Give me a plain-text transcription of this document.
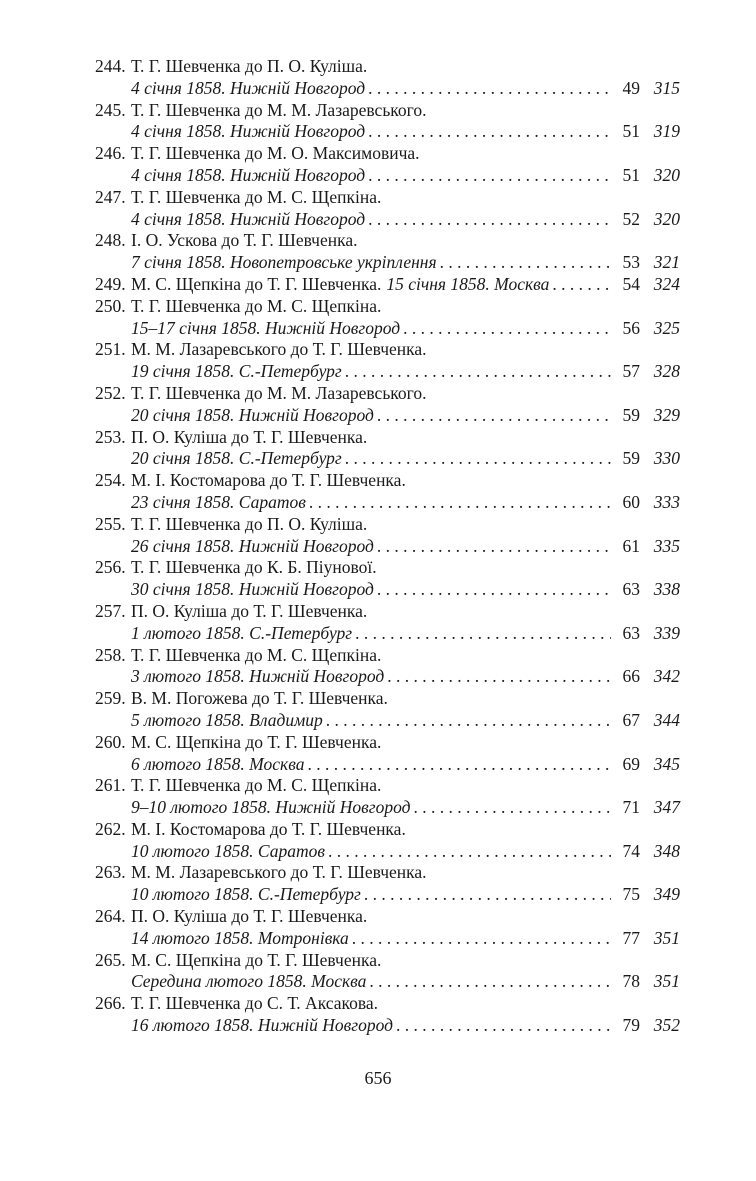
244. Т. Г. Шевченка до П. О. Куліша.
4 січня 1858. Нижній Новгород . . .	49 315
245. Т. Г. Шевченка до М. М. Лазаревського.
4 січня 1858. Нижній Новгород . . .	51 319
246. Т. Г. Шевченка до М. О. Максимовича.
4 січня 1858. Нижній Новгород . . .	51 320
247. Т. Г. Шевченка до М. С. Щепкіна.
4 січня 1858. Нижній Новгород . . .	52 320
248. І. О. Ускова до Т. Г. Шевченка.
7 січня 1858. Новопетровське укріплення . . .	53 321
249. М. С. Щепкіна до Т. Г. Шевченка. 15 січня 1858. Москва . . .	54 324
250. Т. Г. Шевченка до М. С. Щепкіна.
15–17 січня 1858. Нижній Новгород . . .	56 325
251. М. М. Лазаревського до Т. Г. Шевченка.
19 січня 1858. С.-Петербург . . .	57 328
252. Т. Г. Шевченка до М. М. Лазаревського.
20 січня 1858. Нижній Новгород . . .	59 329
253. П. О. Куліша до Т. Г. Шевченка.
20 січня 1858. С.-Петербург . . .	59 330
254. М. І. Костомарова до Т. Г. Шевченка.
23 січня 1858. Саратов . . .	60 333
255. Т. Г. Шевченка до П. О. Куліша.
26 січня 1858. Нижній Новгород . . .	61 335
256. Т. Г. Шевченка до К. Б. Піунової.
30 січня 1858. Нижній Новгород . . .	63 338
257. П. О. Куліша до Т. Г. Шевченка.
1 лютого 1858. С.-Петербург . . .	63 339
258. Т. Г. Шевченка до М. С. Щепкіна.
3 лютого 1858. Нижній Новгород . . .	66 342
259. В. М. Погожева до Т. Г. Шевченка.
5 лютого 1858. Владимир . . .	67 344
260. М. С. Щепкіна до Т. Г. Шевченка.
6 лютого 1858. Москва . . .	69 345
261. Т. Г. Шевченка до М. С. Щепкіна.
9–10 лютого 1858. Нижній Новгород . . .	71 347
262. М. І. Костомарова до Т. Г. Шевченка.
10 лютого 1858. Саратов . . .	74 348
263. М. М. Лазаревського до Т. Г. Шевченка.
10 лютого 1858. С.-Петербург . . .	75 349
264. П. О. Куліша до Т. Г. Шевченка.
14 лютого 1858. Мотронівка . . .	77 351
265. М. С. Щепкіна до Т. Г. Шевченка.
Середина лютого 1858. Москва . . .	78 351
266. Т. Г. Шевченка до С. Т. Аксакова.
16 лютого 1858. Нижній Новгород . . .	79 352
656
